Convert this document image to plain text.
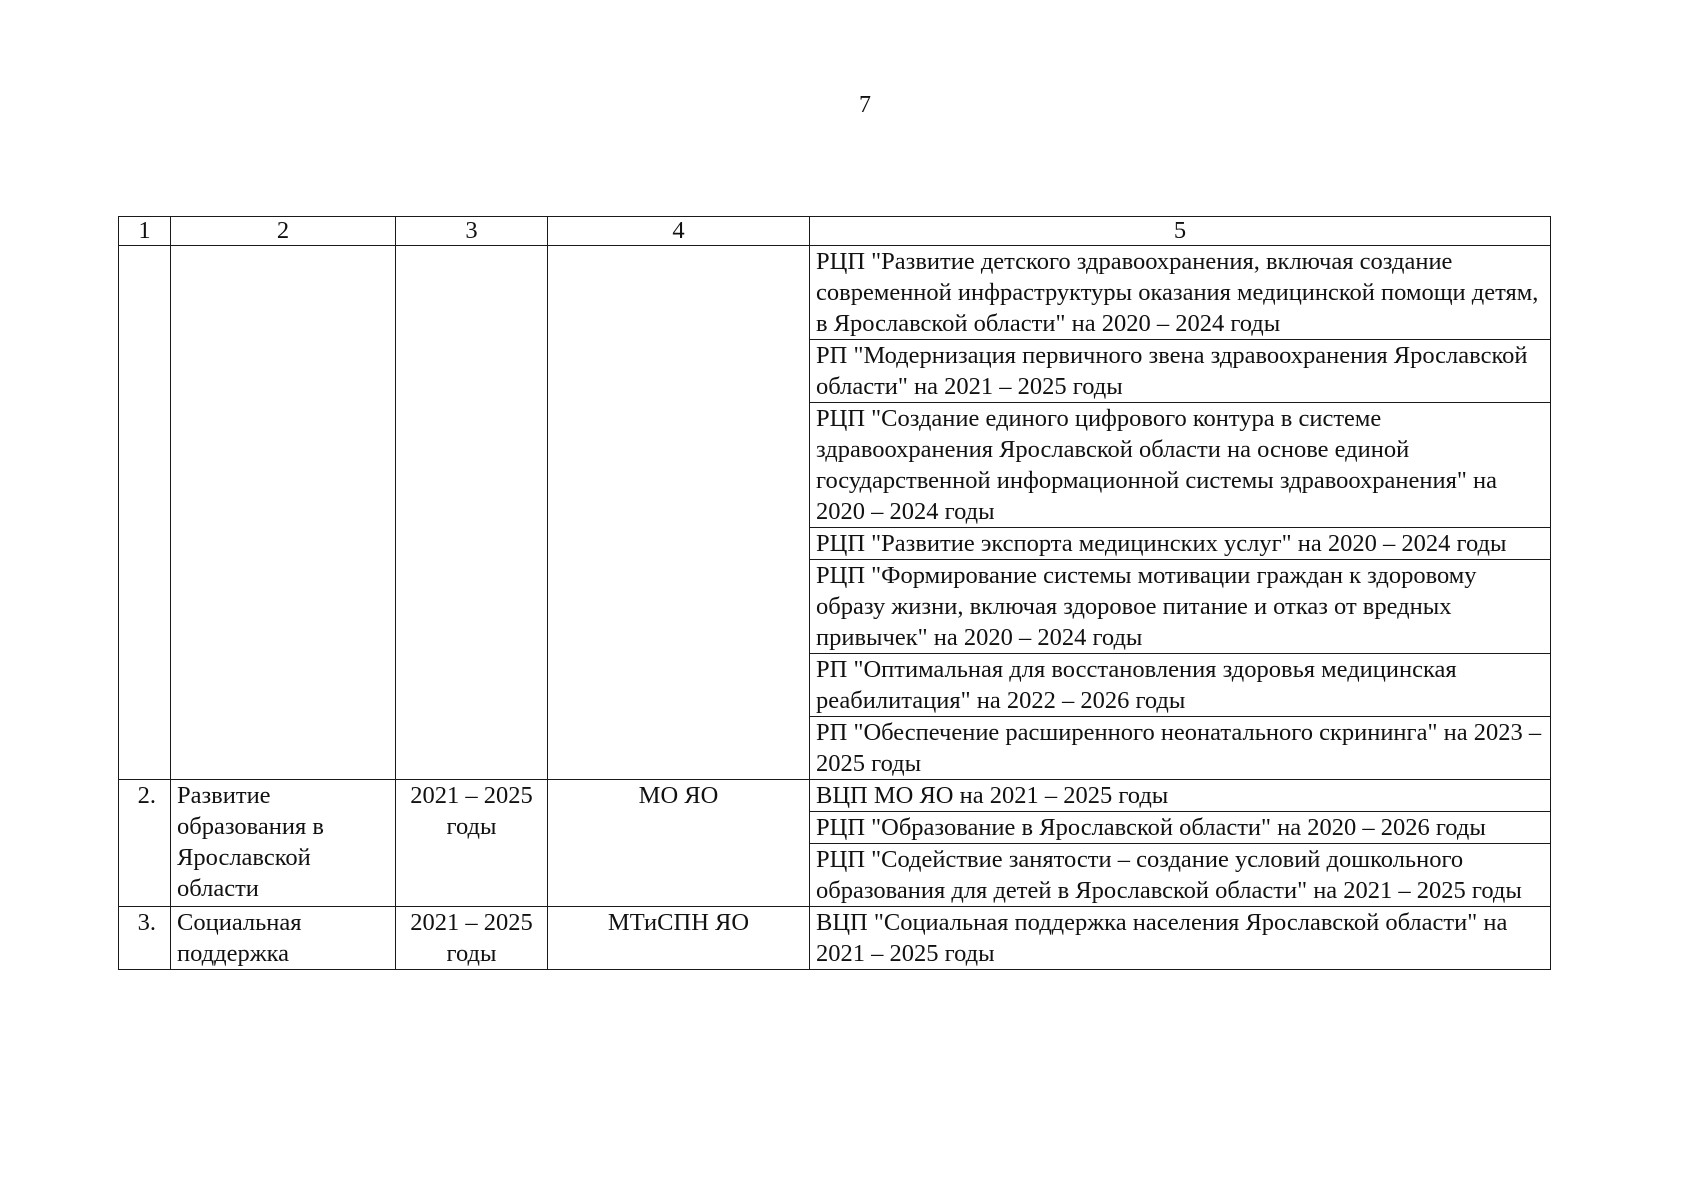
7
1	2	3	4	5
				РЦП "Развитие детского здравоохранения, включая создание современной инфраструктуры оказания медицинской помощи детям, в Ярославской области" на 2020 – 2024 годы
				РП "Модернизация первичного звена здравоохранения Ярославской области" на 2021 – 2025 годы
				РЦП "Создание единого цифрового контура в системе здравоохранения Ярославской области на основе единой государственной информационной системы здравоохранения" на 2020 – 2024 годы
				РЦП "Развитие экспорта медицинских услуг" на 2020 – 2024 годы
				РЦП "Формирование системы мотивации граждан к здоровому образу жизни, включая здоровое питание и отказ от вредных привычек" на 2020 – 2024 годы
				РП "Оптимальная для восстановления здоровья медицинская реабилитация" на 2022 – 2026 годы
				РП "Обеспечение расширенного неонатального скрининга" на 2023 – 2025 годы
2.	Развитие образования в Ярославской области	2021 – 2025 годы	МО ЯО	ВЦП МО ЯО на 2021 – 2025 годы
				РЦП "Образование в Ярославской области" на 2020 – 2026 годы
				РЦП "Содействие занятости – создание условий дошкольного образования для детей в Ярославской области" на 2021 – 2025 годы
3.	Социальная поддержка	2021 – 2025 годы	МТиСПН ЯО	ВЦП "Социальная поддержка населения Ярославской области" на 2021 – 2025 годы
